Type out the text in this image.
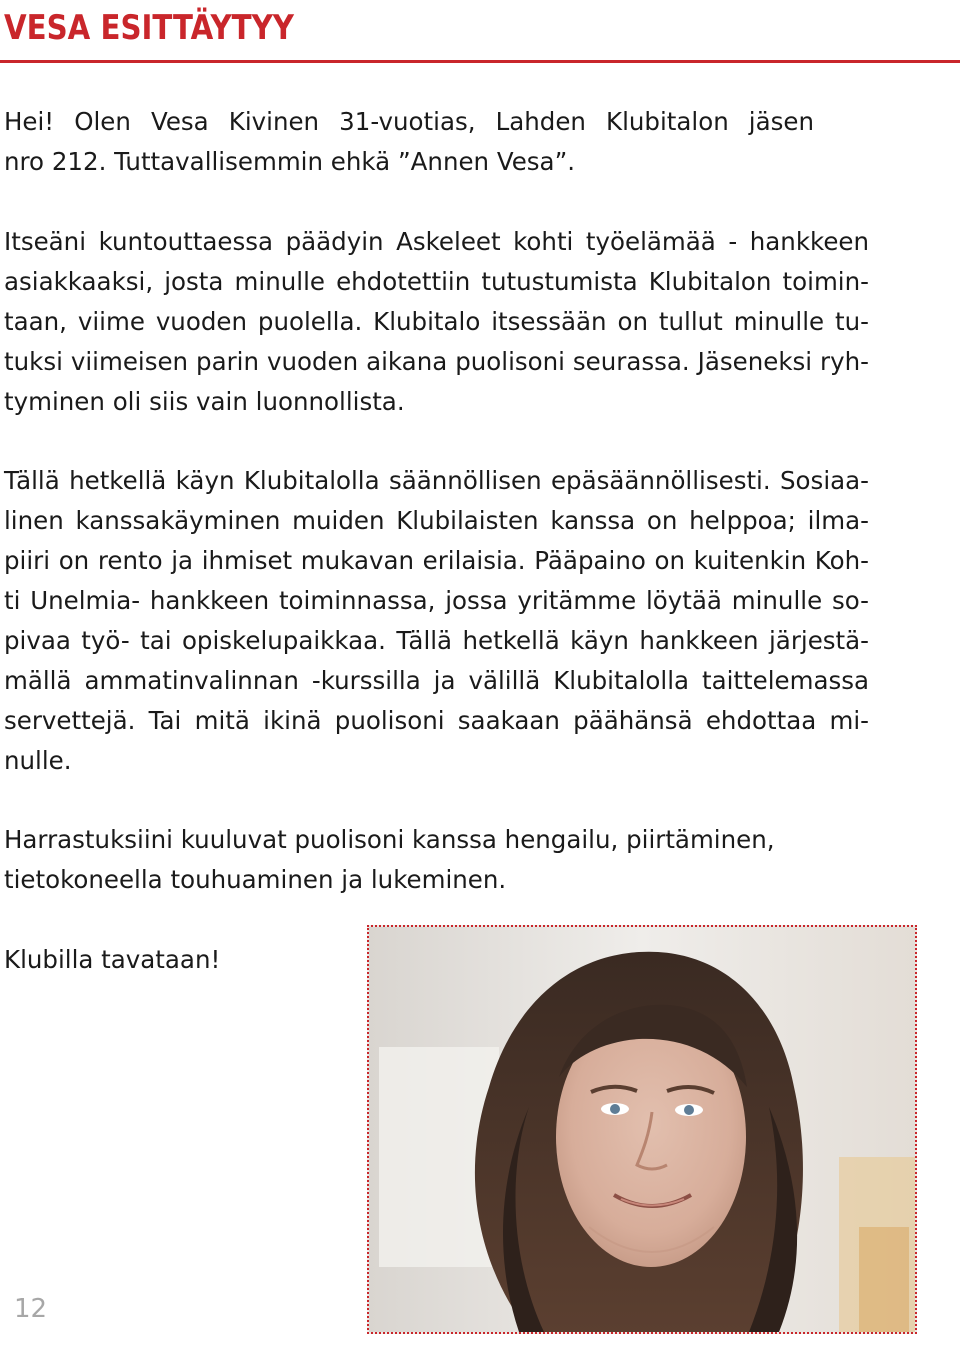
VESA ESITTÄYTYY

Hei! Olen Vesa Kivinen 31-vuotias, Lahden Klubitalon jäsen
nro 212. Tuttavallisemmin ehkä ”Annen Vesa”.

Itseäni kuntouttaessa päädyin Askeleet kohti työelämää - hankkeen
asiakkaaksi, josta minulle ehdotettiin tutustumista Klubitalon toimin-
taan, viime vuoden puolella. Klubitalo itsessään on tullut minulle tu-
tuksi viimeisen parin vuoden aikana puolisoni seurassa. Jäseneksi ryh-
tyminen oli siis vain luonnollista.

Tällä hetkellä käyn Klubitalolla säännöllisen epäsäännöllisesti. Sosiaa-
linen kanssakäyminen muiden Klubilaisten kanssa on helppoa; ilma-
piiri on rento ja ihmiset mukavan erilaisia. Pääpaino on kuitenkin Koh-
ti Unelmia- hankkeen toiminnassa, jossa yritämme löytää minulle so-
pivaa työ- tai opiskelupaikkaa. Tällä hetkellä käyn hankkeen järjestä-
mällä ammatinvalinnan -kurssilla ja välillä Klubitalolla taittelemassa
servettejä. Tai mitä ikinä puolisoni saakaan päähänsä ehdottaa mi-
nulle.

Harrastuksiini kuuluvat puolisoni kanssa hengailu, piirtäminen,
tietokoneella touhuaminen ja lukeminen.

Klubilla tavataan!

12
